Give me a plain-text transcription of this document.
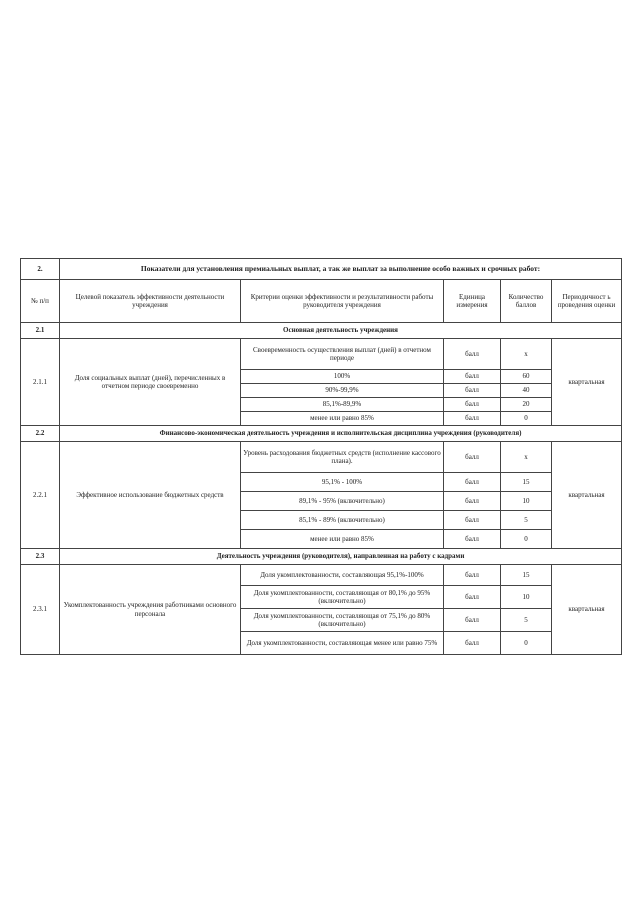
2.	Показатели для установления премиальных выплат, а так же выплат за выполнение особо важных и срочных работ:				
№ п/п	Целевой показатель эффективности деятельности учреждения	Критерии оценки эффективности и результативности работы руководителя учреждения	Единица измерения	Количество баллов	Периодичност ь проведения оценки
2.1	Основная деятельность учреждения				
2.1.1	Доля социальных выплат (дней), перечисленных в отчетном периоде своевременно	Своевременность осуществления выплат (дней) в отчетном периоде	балл	х	квартальная
		100%	балл	60	
		90%-99,9%	балл	40	
		85,1%-89,9%	балл	20	
		менее или равно 85%	балл	0	
2.2	Финансово-экономическая деятельность учреждения и исполнительская дисциплина учреждения (руководителя)				
2.2.1	Эффективное использование бюджетных средств	Уровень расходования бюджетных средств (исполнение кассового плана).	балл	х	квартальная
		95,1% - 100%	балл	15	
		89,1% - 95% (включительно)	балл	10	
		85,1% - 89% (включительно)	балл	5	
		менее или равно 85%	балл	0	
2.3	Деятельность учреждения (руководителя), направленная на работу с кадрами				
2.3.1	Укомплектованность учреждения работниками основного персонала	Доля укомплектованности, составляющая 95,1%-100%	балл	15	квартальная
		Доля укомплектованности, составляющая от 80,1% до 95% (включительно)	балл	10	
		Доля укомплектованности, составляющая от 75,1% до 80% (включительно)	балл	5	
		Доля укомплектованности, составляющая менее или равно 75%	балл	0	
